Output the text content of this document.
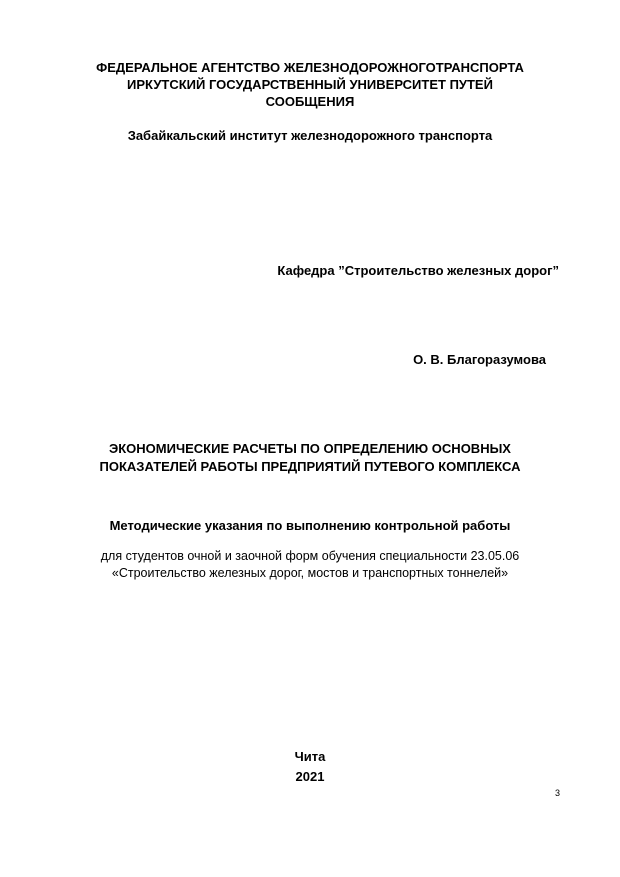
ФЕДЕРАЛЬНОЕ АГЕНТСТВО ЖЕЛЕЗНОДОРОЖНОГОТРАНСПОРТА
ИРКУТСКИЙ ГОСУДАРСТВЕННЫЙ УНИВЕРСИТЕТ ПУТЕЙ
СООБЩЕНИЯ
Забайкальский институт железнодорожного транспорта
Кафедра ”Строительство железных дорог”
О. В. Благоразумова
ЭКОНОМИЧЕСКИЕ РАСЧЕТЫ ПО ОПРЕДЕЛЕНИЮ ОСНОВНЫХ
ПОКАЗАТЕЛЕЙ РАБОТЫ ПРЕДПРИЯТИЙ ПУТЕВОГО КОМПЛЕКСА
Методические указания по выполнению контрольной работы
для студентов очной и заочной форм обучения специальности 23.05.06
«Строительство железных дорог, мостов и транспортных тоннелей»
Чита
2021
3
